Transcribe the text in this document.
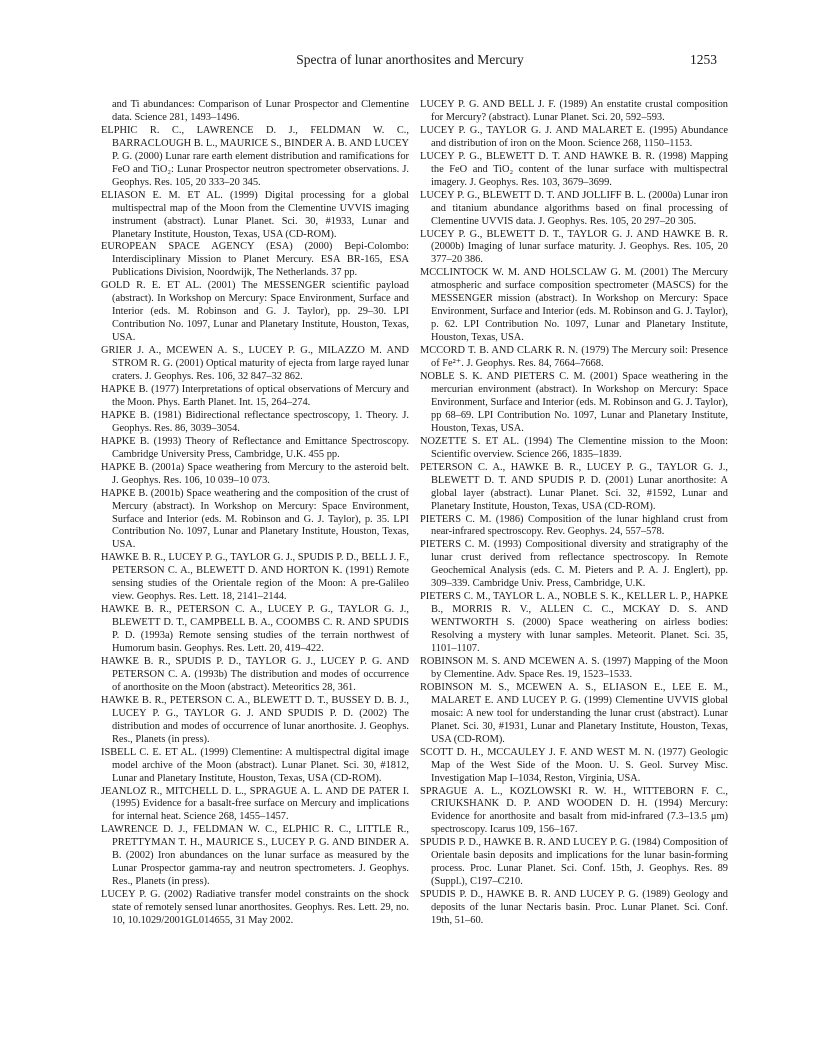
Spectra of lunar anorthosites and Mercury	1253

and Ti abundances: Comparison of Lunar Prospector and Clementine data. Science 281, 1493–1496.

ELPHIC R. C., LAWRENCE D. J., FELDMAN W. C., BARRACLOUGH B. L., MAURICE S., BINDER A. B. AND LUCEY P. G. (2000) Lunar rare earth element distribution and ramifications for FeO and TiO₂: Lunar Prospector neutron spectrometer observations. J. Geophys. Res. 105, 20 333–20 345.

ELIASON E. M. ET AL. (1999) Digital processing for a global multispectral map of the Moon from the Clementine UVVIS imaging instrument (abstract). Lunar Planet. Sci. 30, #1933, Lunar and Planetary Institute, Houston, Texas, USA (CD-ROM).

EUROPEAN SPACE AGENCY (ESA) (2000) Bepi-Colombo: Interdisciplinary Mission to Planet Mercury. ESA BR-165, ESA Publications Division, Noordwijk, The Netherlands. 37 pp.

GOLD R. E. ET AL. (2001) The MESSENGER scientific payload (abstract). In Workshop on Mercury: Space Environment, Surface and Interior (eds. M. Robinson and G. J. Taylor), pp. 29–30. LPI Contribution No. 1097, Lunar and Planetary Institute, Houston, Texas, USA.

GRIER J. A., MCEWEN A. S., LUCEY P. G., MILAZZO M. AND STROM R. G. (2001) Optical maturity of ejecta from large rayed lunar craters. J. Geophys. Res. 106, 32 847–32 862.

HAPKE B. (1977) Interpretations of optical observations of Mercury and the Moon. Phys. Earth Planet. Int. 15, 264–274.

HAPKE B. (1981) Bidirectional reflectance spectroscopy, 1. Theory. J. Geophys. Res. 86, 3039–3054.

HAPKE B. (1993) Theory of Reflectance and Emittance Spectroscopy. Cambridge University Press, Cambridge, U.K. 455 pp.

HAPKE B. (2001a) Space weathering from Mercury to the asteroid belt. J. Geophys. Res. 106, 10 039–10 073.

HAPKE B. (2001b) Space weathering and the composition of the crust of Mercury (abstract). In Workshop on Mercury: Space Environment, Surface and Interior (eds. M. Robinson and G. J. Taylor), p. 35. LPI Contribution No. 1097, Lunar and Planetary Institute, Houston, Texas, USA.

HAWKE B. R., LUCEY P. G., TAYLOR G. J., SPUDIS P. D., BELL J. F., PETERSON C. A., BLEWETT D. AND HORTON K. (1991) Remote sensing studies of the Orientale region of the Moon: A pre-Galileo view. Geophys. Res. Lett. 18, 2141–2144.

HAWKE B. R., PETERSON C. A., LUCEY P. G., TAYLOR G. J., BLEWETT D. T., CAMPBELL B. A., COOMBS C. R. AND SPUDIS P. D. (1993a) Remote sensing studies of the terrain northwest of Humorum basin. Geophys. Res. Lett. 20, 419–422.

HAWKE B. R., SPUDIS P. D., TAYLOR G. J., LUCEY P. G. AND PETERSON C. A. (1993b) The distribution and modes of occurrence of anorthosite on the Moon (abstract). Meteoritics 28, 361.

HAWKE B. R., PETERSON C. A., BLEWETT D. T., BUSSEY D. B. J., LUCEY P. G., TAYLOR G. J. AND SPUDIS P. D. (2002) The distribution and modes of occurrence of lunar anorthosite. J. Geophys. Res., Planets (in press).

ISBELL C. E. ET AL. (1999) Clementine: A multispectral digital image model archive of the Moon (abstract). Lunar Planet. Sci. 30, #1812, Lunar and Planetary Institute, Houston, Texas, USA (CD-ROM).

JEANLOZ R., MITCHELL D. L., SPRAGUE A. L. AND DE PATER I. (1995) Evidence for a basalt-free surface on Mercury and implications for internal heat. Science 268, 1455–1457.

LAWRENCE D. J., FELDMAN W. C., ELPHIC R. C., LITTLE R., PRETTYMAN T. H., MAURICE S., LUCEY P. G. AND BINDER A. B. (2002) Iron abundances on the lunar surface as measured by the Lunar Prospector gamma-ray and neutron spectrometers. J. Geophys. Res., Planets (in press).

LUCEY P. G. (2002) Radiative transfer model constraints on the shock state of remotely sensed lunar anorthosites. Geophys. Res. Lett. 29, no. 10, 10.1029/2001GL014655, 31 May 2002.

LUCEY P. G. AND BELL J. F. (1989) An enstatite crustal composition for Mercury? (abstract). Lunar Planet. Sci. 20, 592–593.

LUCEY P. G., TAYLOR G. J. AND MALARET E. (1995) Abundance and distribution of iron on the Moon. Science 268, 1150–1153.

LUCEY P. G., BLEWETT D. T. AND HAWKE B. R. (1998) Mapping the FeO and TiO₂ content of the lunar surface with multispectral imagery. J. Geophys. Res. 103, 3679–3699.

LUCEY P. G., BLEWETT D. T. AND JOLLIFF B. L. (2000a) Lunar iron and titanium abundance algorithms based on final processing of Clementine UVVIS data. J. Geophys. Res. 105, 20 297–20 305.

LUCEY P. G., BLEWETT D. T., TAYLOR G. J. AND HAWKE B. R. (2000b) Imaging of lunar surface maturity. J. Geophys. Res. 105, 20 377–20 386.

MCCLINTOCK W. M. AND HOLSCLAW G. M. (2001) The Mercury atmospheric and surface composition spectrometer (MASCS) for the MESSENGER mission (abstract). In Workshop on Mercury: Space Environment, Surface and Interior (eds. M. Robinson and G. J. Taylor), p. 62. LPI Contribution No. 1097, Lunar and Planetary Institute, Houston, Texas, USA.

MCCORD T. B. AND CLARK R. N. (1979) The Mercury soil: Presence of Fe²⁺. J. Geophys. Res. 84, 7664–7668.

NOBLE S. K. AND PIETERS C. M. (2001) Space weathering in the mercurian environment (abstract). In Workshop on Mercury: Space Environment, Surface and Interior (eds. M. Robinson and G. J. Taylor), pp 68–69. LPI Contribution No. 1097, Lunar and Planetary Institute, Houston, Texas, USA.

NOZETTE S. ET AL. (1994) The Clementine mission to the Moon: Scientific overview. Science 266, 1835–1839.

PETERSON C. A., HAWKE B. R., LUCEY P. G., TAYLOR G. J., BLEWETT D. T. AND SPUDIS P. D. (2001) Lunar anorthosite: A global layer (abstract). Lunar Planet. Sci. 32, #1592, Lunar and Planetary Institute, Houston, Texas, USA (CD-ROM).

PIETERS C. M. (1986) Composition of the lunar highland crust from near-infrared spectroscopy. Rev. Geophys. 24, 557–578.

PIETERS C. M. (1993) Compositional diversity and stratigraphy of the lunar crust derived from reflectance spectroscopy. In Remote Geochemical Analysis (eds. C. M. Pieters and P. A. J. Englert), pp. 309–339. Cambridge Univ. Press, Cambridge, U.K.

PIETERS C. M., TAYLOR L. A., NOBLE S. K., KELLER L. P., HAPKE B., MORRIS R. V., ALLEN C. C., MCKAY D. S. AND WENTWORTH S. (2000) Space weathering on airless bodies: Resolving a mystery with lunar samples. Meteorit. Planet. Sci. 35, 1101–1107.

ROBINSON M. S. AND MCEWEN A. S. (1997) Mapping of the Moon by Clementine. Adv. Space Res. 19, 1523–1533.

ROBINSON M. S., MCEWEN A. S., ELIASON E., LEE E. M., MALARET E. AND LUCEY P. G. (1999) Clementine UVVIS global mosaic: A new tool for understanding the lunar crust (abstract). Lunar Planet. Sci. 30, #1931, Lunar and Planetary Institute, Houston, Texas, USA (CD-ROM).

SCOTT D. H., MCCAULEY J. F. AND WEST M. N. (1977) Geologic Map of the West Side of the Moon. U. S. Geol. Survey Misc. Investigation Map I–1034, Reston, Virginia, USA.

SPRAGUE A. L., KOZLOWSKI R. W. H., WITTEBORN F. C., CRIUKSHANK D. P. AND WOODEN D. H. (1994) Mercury: Evidence for anorthosite and basalt from mid-infrared (7.3–13.5 μm) spectroscopy. Icarus 109, 156–167.

SPUDIS P. D., HAWKE B. R. AND LUCEY P. G. (1984) Composition of Orientale basin deposits and implications for the lunar basin-forming process. Proc. Lunar Planet. Sci. Conf. 15th, J. Geophys. Res. 89 (Suppl.), C197–C210.

SPUDIS P. D., HAWKE B. R. AND LUCEY P. G. (1989) Geology and deposits of the lunar Nectaris basin. Proc. Lunar Planet. Sci. Conf. 19th, 51–60.
